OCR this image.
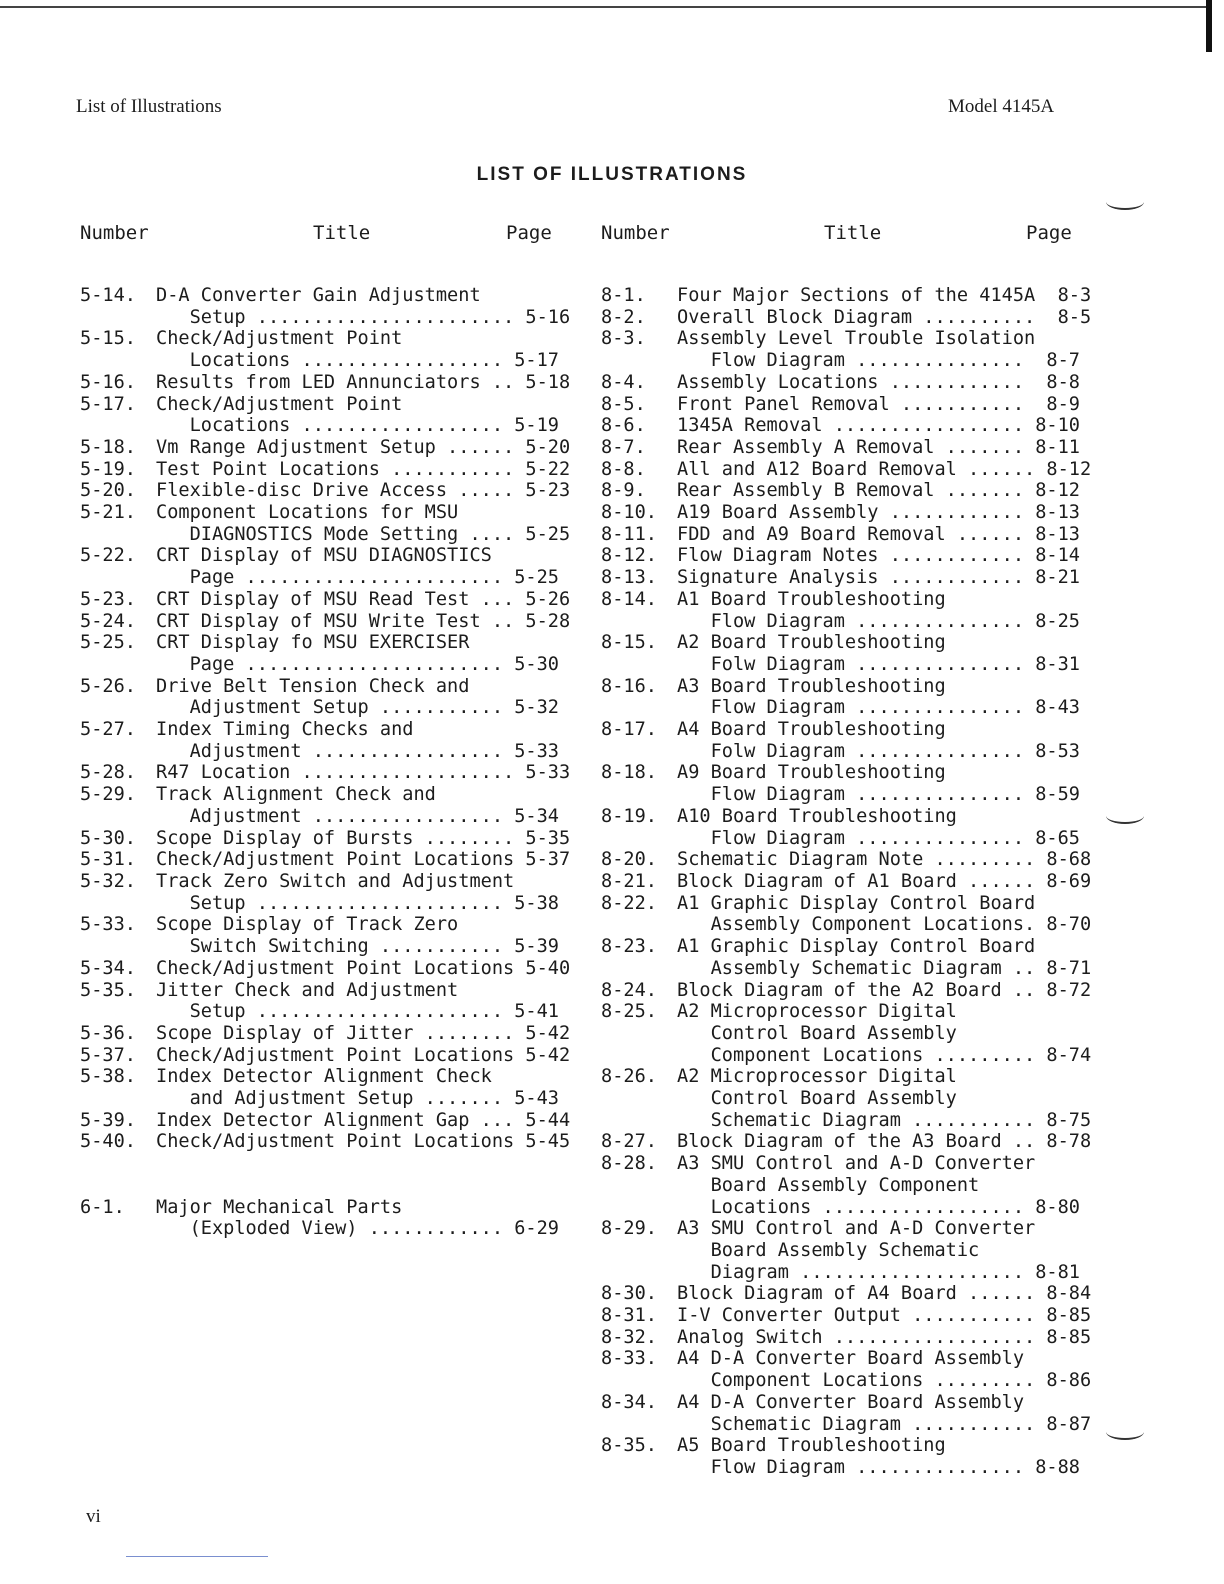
List of Illustrations	Model 4145A
LIST OF ILLUSTRATIONS
Number	Title	Page	Number	Title	Page
5-14.	D-A Converter Gain Adjustment
Setup ....................... 5-16
5-15.	Check/Adjustment Point
Locations .................. 5-17
5-16.	Results from LED Annunciators .. 5-18
5-17.	Check/Adjustment Point
Locations .................. 5-19
5-18.	Vm Range Adjustment Setup ...... 5-20
5-19.	Test Point Locations ........... 5-22
5-20.	Flexible-disc Drive Access ..... 5-23
5-21.	Component Locations for MSU
DIAGNOSTICS Mode Setting .... 5-25
5-22.	CRT Display of MSU DIAGNOSTICS
Page ....................... 5-25
5-23.	CRT Display of MSU Read Test ... 5-26
5-24.	CRT Display of MSU Write Test .. 5-28
5-25.	CRT Display fo MSU EXERCISER
Page ....................... 5-30
5-26.	Drive Belt Tension Check and
Adjustment Setup ........... 5-32
5-27.	Index Timing Checks and
Adjustment ................. 5-33
5-28.	R47 Location ................... 5-33
5-29.	Track Alignment Check and
Adjustment ................. 5-34
5-30.	Scope Display of Bursts ........ 5-35
5-31.	Check/Adjustment Point Locations 5-37
5-32.	Track Zero Switch and Adjustment
Setup ...................... 5-38
5-33.	Scope Display of Track Zero
Switch Switching ........... 5-39
5-34.	Check/Adjustment Point Locations 5-40
5-35.	Jitter Check and Adjustment
Setup ...................... 5-41
5-36.	Scope Display of Jitter ........ 5-42
5-37.	Check/Adjustment Point Locations 5-42
5-38.	Index Detector Alignment Check
and Adjustment Setup ....... 5-43
5-39.	Index Detector Alignment Gap ... 5-44
5-40.	Check/Adjustment Point Locations 5-45

6-1.	Major Mechanical Parts
(Exploded View) ............ 6-29
8-1.	Four Major Sections of the 4145A  8-3
8-2.	Overall Block Diagram ..........  8-5
8-3.	Assembly Level Trouble Isolation
Flow Diagram ...............  8-7
8-4.	Assembly Locations ............  8-8
8-5.	Front Panel Removal ...........  8-9
8-6.	1345A Removal ................. 8-10
8-7.	Rear Assembly A Removal ....... 8-11
8-8.	All and A12 Board Removal ...... 8-12
8-9.	Rear Assembly B Removal ....... 8-12
8-10.	A19 Board Assembly ............ 8-13
8-11.	FDD and A9 Board Removal ...... 8-13
8-12.	Flow Diagram Notes ............ 8-14
8-13.	Signature Analysis ............ 8-21
8-14.	A1 Board Troubleshooting
Flow Diagram ............... 8-25
8-15.	A2 Board Troubleshooting
Folw Diagram ............... 8-31
8-16.	A3 Board Troubleshooting
Flow Diagram ............... 8-43
8-17.	A4 Board Troubleshooting
Folw Diagram ............... 8-53
8-18.	A9 Board Troubleshooting
Flow Diagram ............... 8-59
8-19.	A10 Board Troubleshooting
Flow Diagram ............... 8-65
8-20.	Schematic Diagram Note ......... 8-68
8-21.	Block Diagram of A1 Board ...... 8-69
8-22.	A1 Graphic Display Control Board
Assembly Component Locations. 8-70
8-23.	A1 Graphic Display Control Board
Assembly Schematic Diagram .. 8-71
8-24.	Block Diagram of the A2 Board .. 8-72
8-25.	A2 Microprocessor Digital
Control Board Assembly
Component Locations ......... 8-74
8-26.	A2 Microprocessor Digital
Control Board Assembly
Schematic Diagram ........... 8-75
8-27.	Block Diagram of the A3 Board .. 8-78
8-28.	A3 SMU Control and A-D Converter
Board Assembly Component
Locations .................. 8-80
8-29.	A3 SMU Control and A-D Converter
Board Assembly Schematic
Diagram .................... 8-81
8-30.	Block Diagram of A4 Board ...... 8-84
8-31.	I-V Converter Output ........... 8-85
8-32.	Analog Switch .................. 8-85
8-33.	A4 D-A Converter Board Assembly
Component Locations ......... 8-86
8-34.	A4 D-A Converter Board Assembly
Schematic Diagram ........... 8-87
8-35.	A5 Board Troubleshooting
Flow Diagram ............... 8-88
vi
